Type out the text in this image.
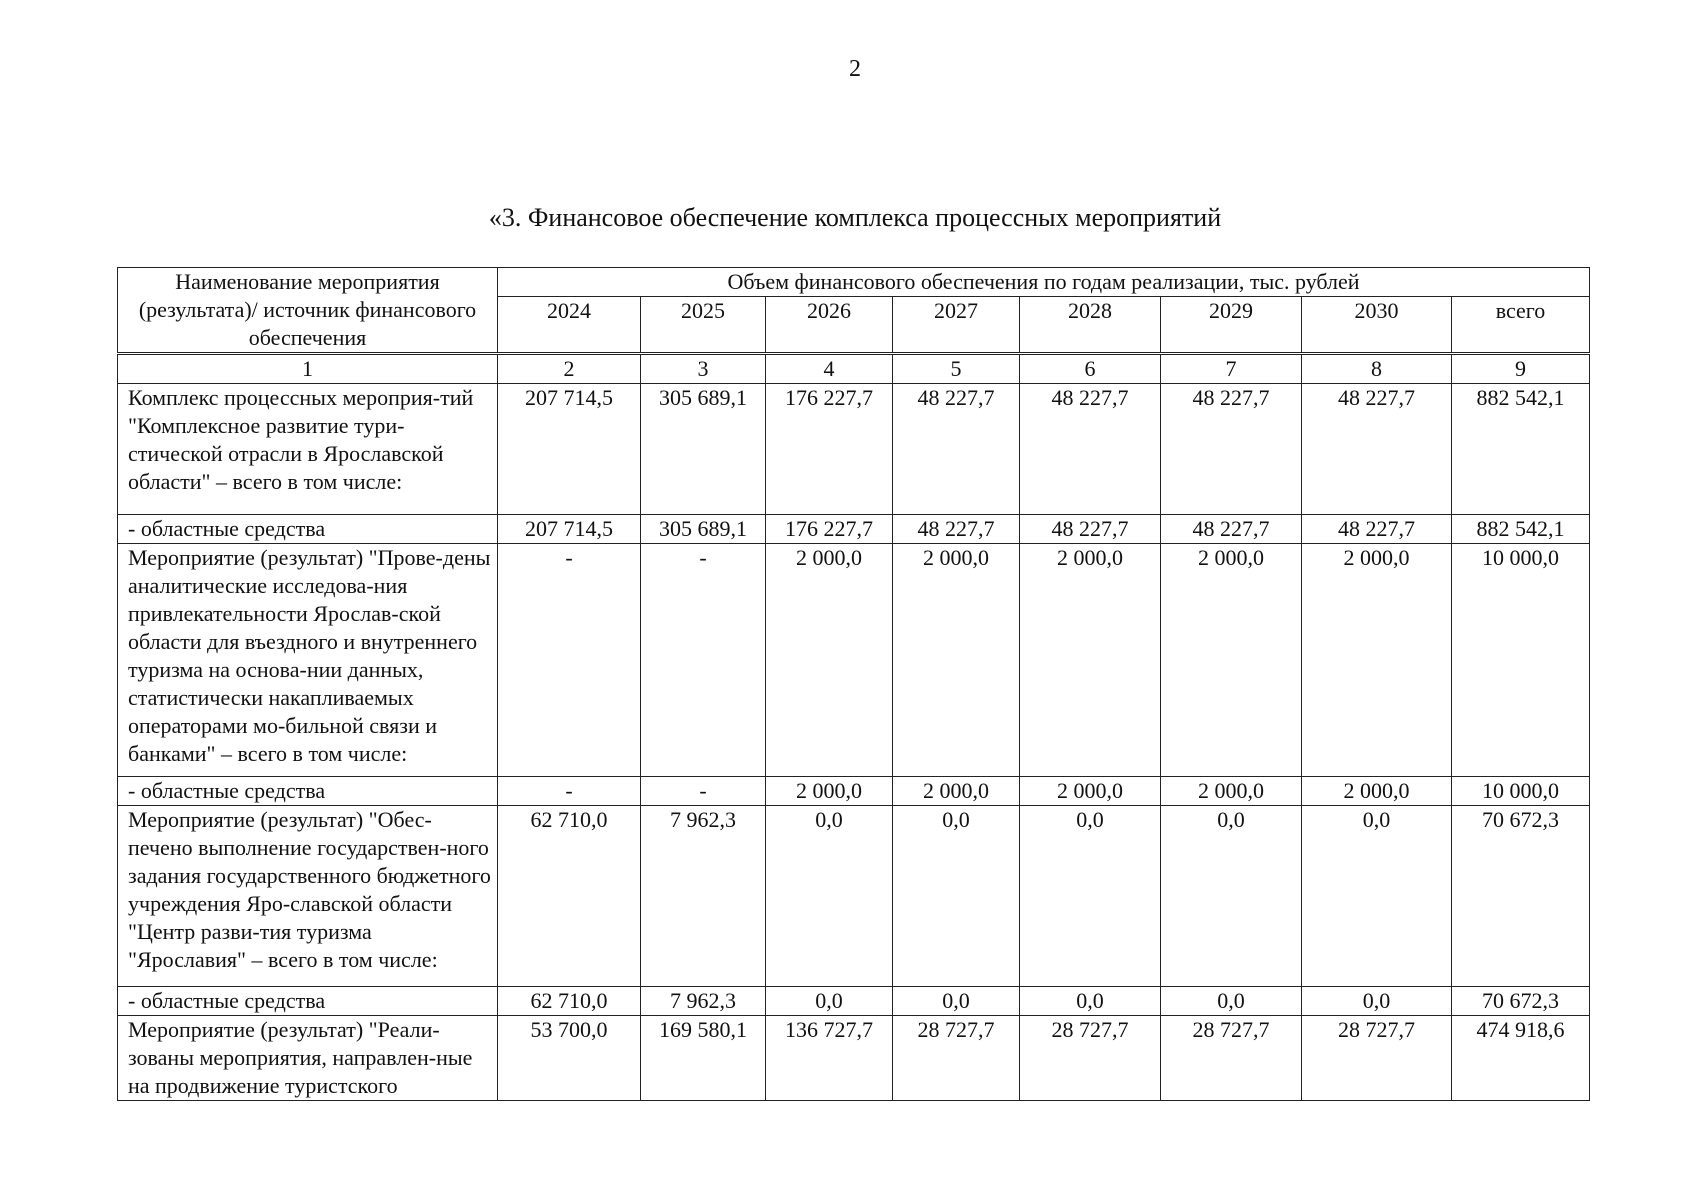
2
«3. Финансовое обеспечение комплекса процессных мероприятий
Наименование мероприятия (результата)/ источник финансового обеспечения	Объем финансового обеспечения по годам реализации, тыс. рублей							
	2024	2025	2026	2027	2028	2029	2030	всего
1	2	3	4	5	6	7	8	9
Комплекс процессных мероприя-тий "Комплексное развитие тури-стической отрасли в Ярославской области" – всего в том числе:	207 714,5	305 689,1	176 227,7	48 227,7	48 227,7	48 227,7	48 227,7	882 542,1
- областные средства	207 714,5	305 689,1	176 227,7	48 227,7	48 227,7	48 227,7	48 227,7	882 542,1
Мероприятие (результат) "Прове-дены аналитические исследова-ния привлекательности Ярослав-ской области для въездного и внутреннего туризма на основа-нии данных, статистически накапливаемых операторами мо-бильной связи и банками" – всего в том числе:	-	-	2 000,0	2 000,0	2 000,0	2 000,0	2 000,0	10 000,0
- областные средства	-	-	2 000,0	2 000,0	2 000,0	2 000,0	2 000,0	10 000,0
Мероприятие (результат) "Обес-печено выполнение государствен-ного задания государственного бюджетного учреждения Яро-славской области "Центр разви-тия туризма "Ярославия" – всего в том числе:	62 710,0	7 962,3	0,0	0,0	0,0	0,0	0,0	70 672,3
- областные средства	62 710,0	7 962,3	0,0	0,0	0,0	0,0	0,0	70 672,3
Мероприятие (результат) "Реали-зованы мероприятия, направлен-ные на продвижение туристского	53 700,0	169 580,1	136 727,7	28 727,7	28 727,7	28 727,7	28 727,7	474 918,6
